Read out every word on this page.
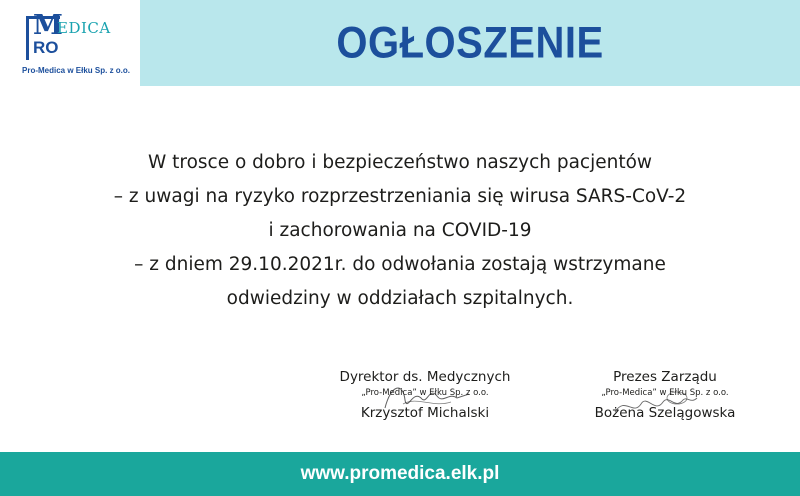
M
EDICA
RO
Pro-Medica w Ełku Sp. z o.o.
OGŁOSZENIE
W trosce o dobro i bezpieczeństwo naszych pacjentów
– z uwagi na ryzyko rozprzestrzeniania się wirusa SARS-CoV-2
i zachorowania na COVID-19
– z dniem 29.10.2021r. do odwołania zostają wstrzymane
odwiedziny w oddziałach szpitalnych.
Dyrektor ds. Medycznych
„Pro-Medica” w Ełku Sp. z o.o.
Krzysztof Michalski
Prezes Zarządu
„Pro-Medica” w Ełku Sp. z o.o.
Bożena Szelągowska
www.promedica.elk.pl
